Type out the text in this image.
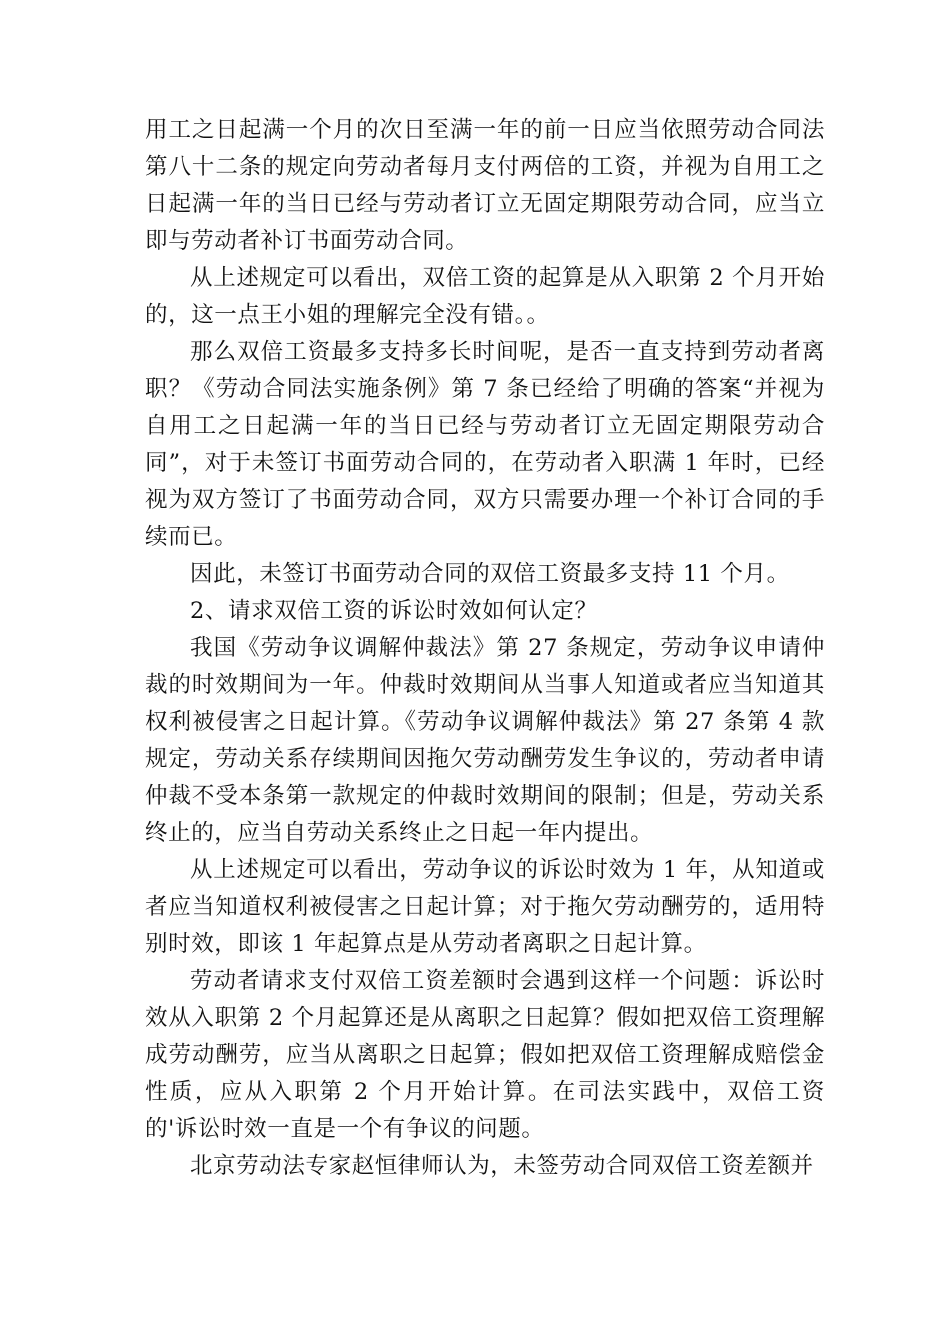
用工之日起满一个月的次日至满一年的前一日应当依照劳动合同法第八十二条的规定向劳动者每月支付两倍的工资，并视为自用工之日起满一年的当日已经与劳动者订立无固定期限劳动合同，应当立即与劳动者补订书面劳动合同。

从上述规定可以看出，双倍工资的起算是从入职第 2 个月开始的，这一点王小姐的理解完全没有错。。

那么双倍工资最多支持多长时间呢，是否一直支持到劳动者离职？《劳动合同法实施条例》第 7 条已经给了明确的答案“并视为自用工之日起满一年的当日已经与劳动者订立无固定期限劳动合同”，对于未签订书面劳动合同的，在劳动者入职满 1 年时，已经视为双方签订了书面劳动合同，双方只需要办理一个补订合同的手续而已。

因此，未签订书面劳动合同的双倍工资最多支持 11 个月。

2、请求双倍工资的诉讼时效如何认定？

我国《劳动争议调解仲裁法》第 27 条规定，劳动争议申请仲裁的时效期间为一年。仲裁时效期间从当事人知道或者应当知道其权利被侵害之日起计算。《劳动争议调解仲裁法》第 27 条第 4 款规定，劳动关系存续期间因拖欠劳动酬劳发生争议的，劳动者申请仲裁不受本条第一款规定的仲裁时效期间的限制；但是，劳动关系终止的，应当自劳动关系终止之日起一年内提出。

从上述规定可以看出，劳动争议的诉讼时效为 1 年，从知道或者应当知道权利被侵害之日起计算；对于拖欠劳动酬劳的，适用特别时效，即该 1 年起算点是从劳动者离职之日起计算。

劳动者请求支付双倍工资差额时会遇到这样一个问题：诉讼时效从入职第 2 个月起算还是从离职之日起算？假如把双倍工资理解成劳动酬劳，应当从离职之日起算；假如把双倍工资理解成赔偿金性质，应从入职第 2 个月开始计算。在司法实践中，双倍工资的'诉讼时效一直是一个有争议的问题。

北京劳动法专家赵恒律师认为，未签劳动合同双倍工资差额并
